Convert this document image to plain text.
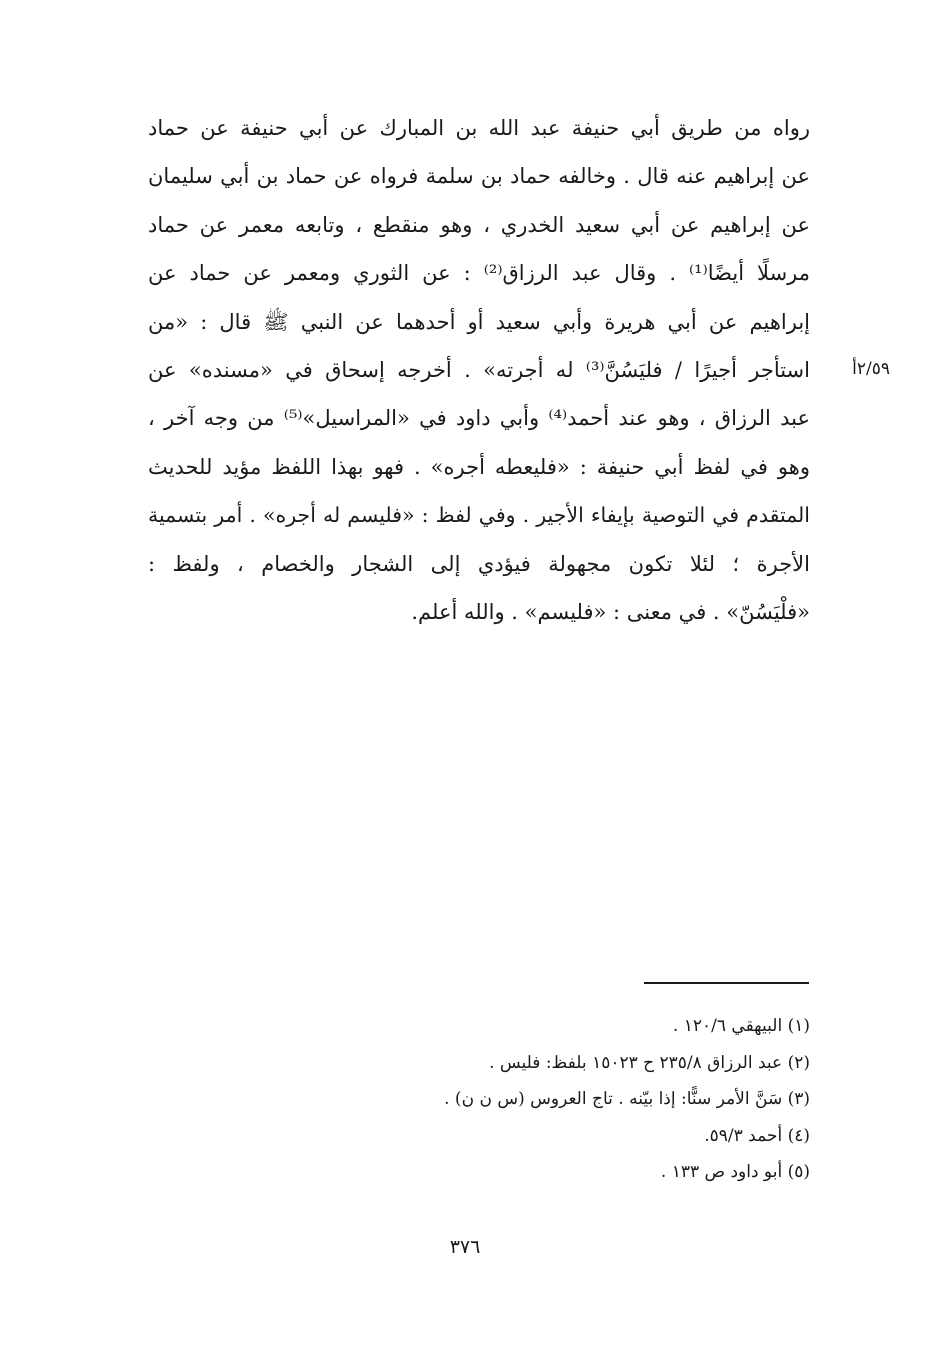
رواه من طريق أبي حنيفة عبد الله بن المبارك عن أبي حنيفة عن حماد
عن إبراهيم عنه قال . وخالفه حماد بن سلمة فرواه عن حماد بن أبي سليمان
عن إبراهيم عن أبي سعيد الخدري ، وهو منقطع ، وتابعه معمر عن حماد
مرسلًا أيضًا⁽¹⁾ . وقال عبد الرزاق⁽²⁾ : عن الثوري ومعمر عن حماد عن
إبراهيم عن أبي هريرة وأبي سعيد أو أحدهما عن النبي ﷺ قال : «من
استأجر أجيرًا / فليَسُنَّ⁽³⁾ له أجرته» . أخرجه إسحاق في «مسنده» عن
عبد الرزاق ، وهو عند أحمد⁽⁴⁾ وأبي داود في «المراسيل»⁽⁵⁾ من وجه آخر ،
وهو في لفظ أبي حنيفة : «فليعطه أجره» . فهو بهذا اللفظ مؤيد للحديث
المتقدم في التوصية بإيفاء الأجير . وفي لفظ : «فليسم له أجره» . أمر بتسمية
الأجرة ؛ لئلا تكون مجهولة فيؤدي إلى الشجار والخصام ، ولفظ :
«فلْيَسُنّ» . في معنى : «فليسم» . والله أعلم.
٢/٥٩أ
(١) البيهقي ١٢٠/٦ .
(٢) عبد الرزاق ٢٣٥/٨ ح ١٥٠٢٣ بلفظ: فليس .
(٣) سَنَّ الأمر سنًّا: إذا بيّنه . تاج العروس (س ن ن) .
(٤) أحمد ٥٩/٣.
(٥) أبو داود ص ١٣٣ .
٣٧٦
